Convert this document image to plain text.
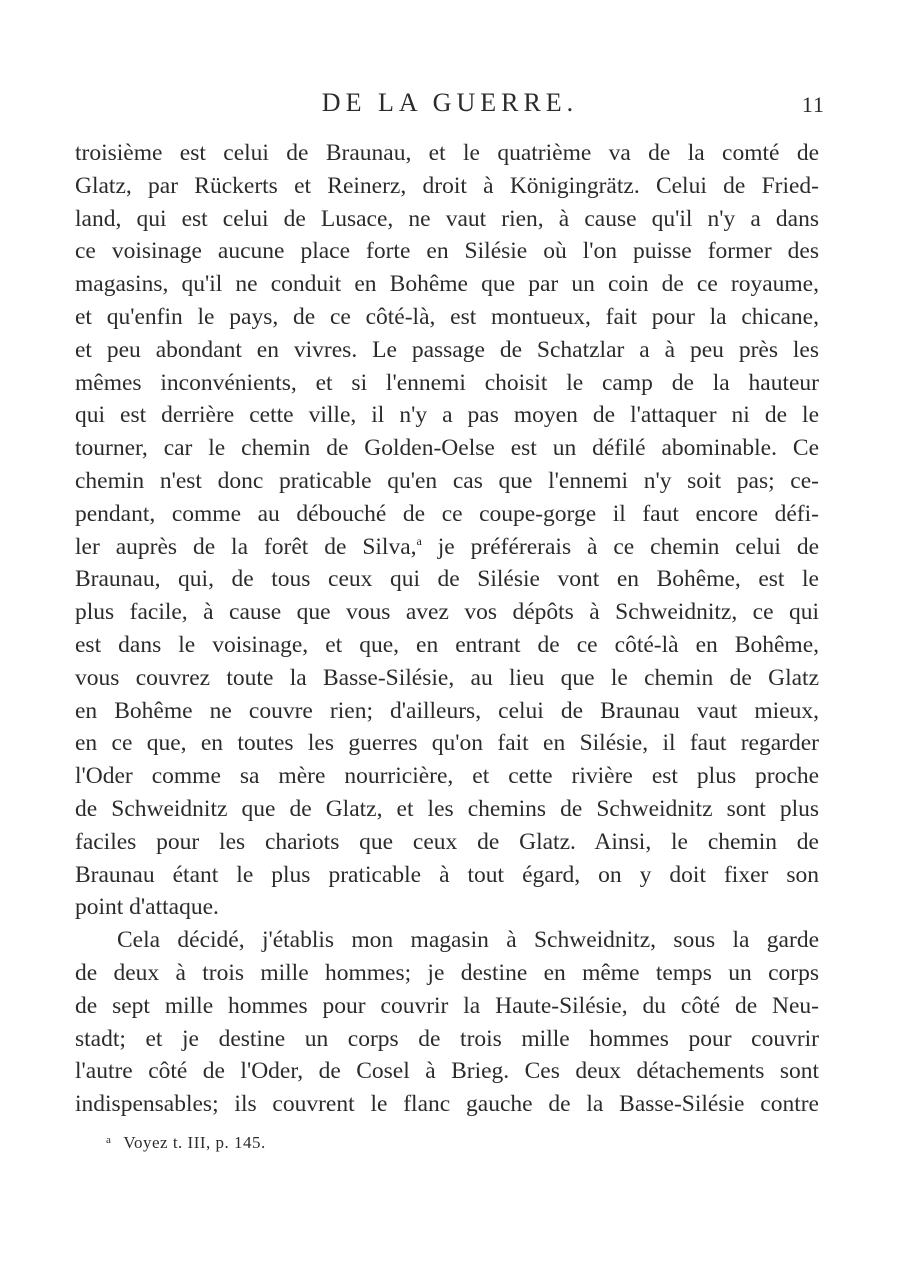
DE LA GUERRE.	11
troisième est celui de Braunau, et le quatrième va de la comté de
Glatz, par Rückerts et Reinerz, droit à Königingrätz. Celui de Fried-
land, qui est celui de Lusace, ne vaut rien, à cause qu'il n'y a dans
ce voisinage aucune place forte en Silésie où l'on puisse former des
magasins, qu'il ne conduit en Bohême que par un coin de ce royaume,
et qu'enfin le pays, de ce côté-là, est montueux, fait pour la chicane,
et peu abondant en vivres. Le passage de Schatzlar a à peu près les
mêmes inconvénients, et si l'ennemi choisit le camp de la hauteur
qui est derrière cette ville, il n'y a pas moyen de l'attaquer ni de le
tourner, car le chemin de Golden-Oelse est un défilé abominable. Ce
chemin n'est donc praticable qu'en cas que l'ennemi n'y soit pas; ce-
pendant, comme au débouché de ce coupe-gorge il faut encore défi-
ler auprès de la forêt de Silva,$^a$ je préférerais à ce chemin celui de
Braunau, qui, de tous ceux qui de Silésie vont en Bohême, est le
plus facile, à cause que vous avez vos dépôts à Schweidnitz, ce qui
est dans le voisinage, et que, en entrant de ce côté-là en Bohême,
vous couvrez toute la Basse-Silésie, au lieu que le chemin de Glatz
en Bohême ne couvre rien; d'ailleurs, celui de Braunau vaut mieux,
en ce que, en toutes les guerres qu'on fait en Silésie, il faut regarder
l'Oder comme sa mère nourricière, et cette rivière est plus proche
de Schweidnitz que de Glatz, et les chemins de Schweidnitz sont plus
faciles pour les chariots que ceux de Glatz. Ainsi, le chemin de
Braunau étant le plus praticable à tout égard, on y doit fixer son
point d'attaque.
Cela décidé, j'établis mon magasin à Schweidnitz, sous la garde
de deux à trois mille hommes; je destine en même temps un corps
de sept mille hommes pour couvrir la Haute-Silésie, du côté de Neu-
stadt; et je destine un corps de trois mille hommes pour couvrir
l'autre côté de l'Oder, de Cosel à Brieg. Ces deux détachements sont
indispensables; ils couvrent le flanc gauche de la Basse-Silésie contre
$^a$ Voyez t. III, p. 145.
